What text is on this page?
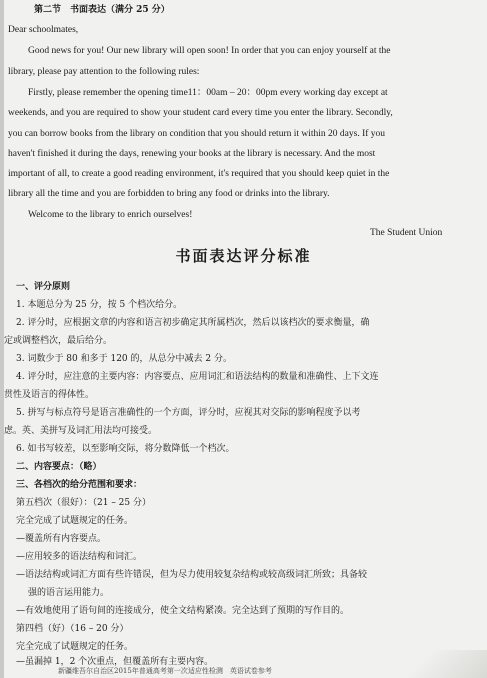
第二节　书面表达（满分 25 分）
Dear schoolmates,
Good news for you! Our new library will open soon! In order that you can enjoy yourself at the
library, please pay attention to the following rules:
Firstly, please remember the opening time11：00am – 20：00pm every working day except at
weekends, and you are required to show your student card every time you enter the library. Secondly,
you can borrow books from the library on condition that you should return it within 20 days. If you
haven't finished it during the days, renewing your books at the library is necessary. And the most
important of all, to create a good reading environment, it's required that you should keep quiet in the
library all the time and you are forbidden to bring any food or drinks into the library.
Welcome to the library to enrich ourselves!
The Student Union
书面表达评分标准
一、评分原则
1. 本题总分为 25 分，按 5 个档次给分。
2. 评分时，应根据文章的内容和语言初步确定其所属档次，然后以该档次的要求衡量，确
定或调整档次，最后给分。
3. 词数少于 80 和多于 120 的，从总分中减去 2 分。
4. 评分时，应注意的主要内容：内容要点、应用词汇和语法结构的数量和准确性、上下文连
贯性及语言的得体性。
5. 拼写与标点符号是语言准确性的一个方面，评分时，应视其对交际的影响程度予以考
虑。英、美拼写及词汇用法均可接受。
6. 如书写较差，以至影响交际，将分数降低一个档次。
二、内容要点：（略）
三、各档次的给分范围和要求：
第五档次（很好）：（21 – 25 分）
完全完成了试题规定的任务。
—覆盖所有内容要点。
—应用较多的语法结构和词汇。
—语法结构或词汇方面有些许错误，但为尽力使用较复杂结构或较高级词汇所致；具备较
强的语言运用能力。
—有效地使用了语句间的连接成分，使全文结构紧凑。完全达到了预期的写作目的。
第四档（好）（16 – 20 分）
完全完成了试题规定的任务。
—虽漏掉 1，2 个次重点，但覆盖所有主要内容。
新疆维吾尔自治区2015年普通高考第一次适应性检测　英语试卷参考
